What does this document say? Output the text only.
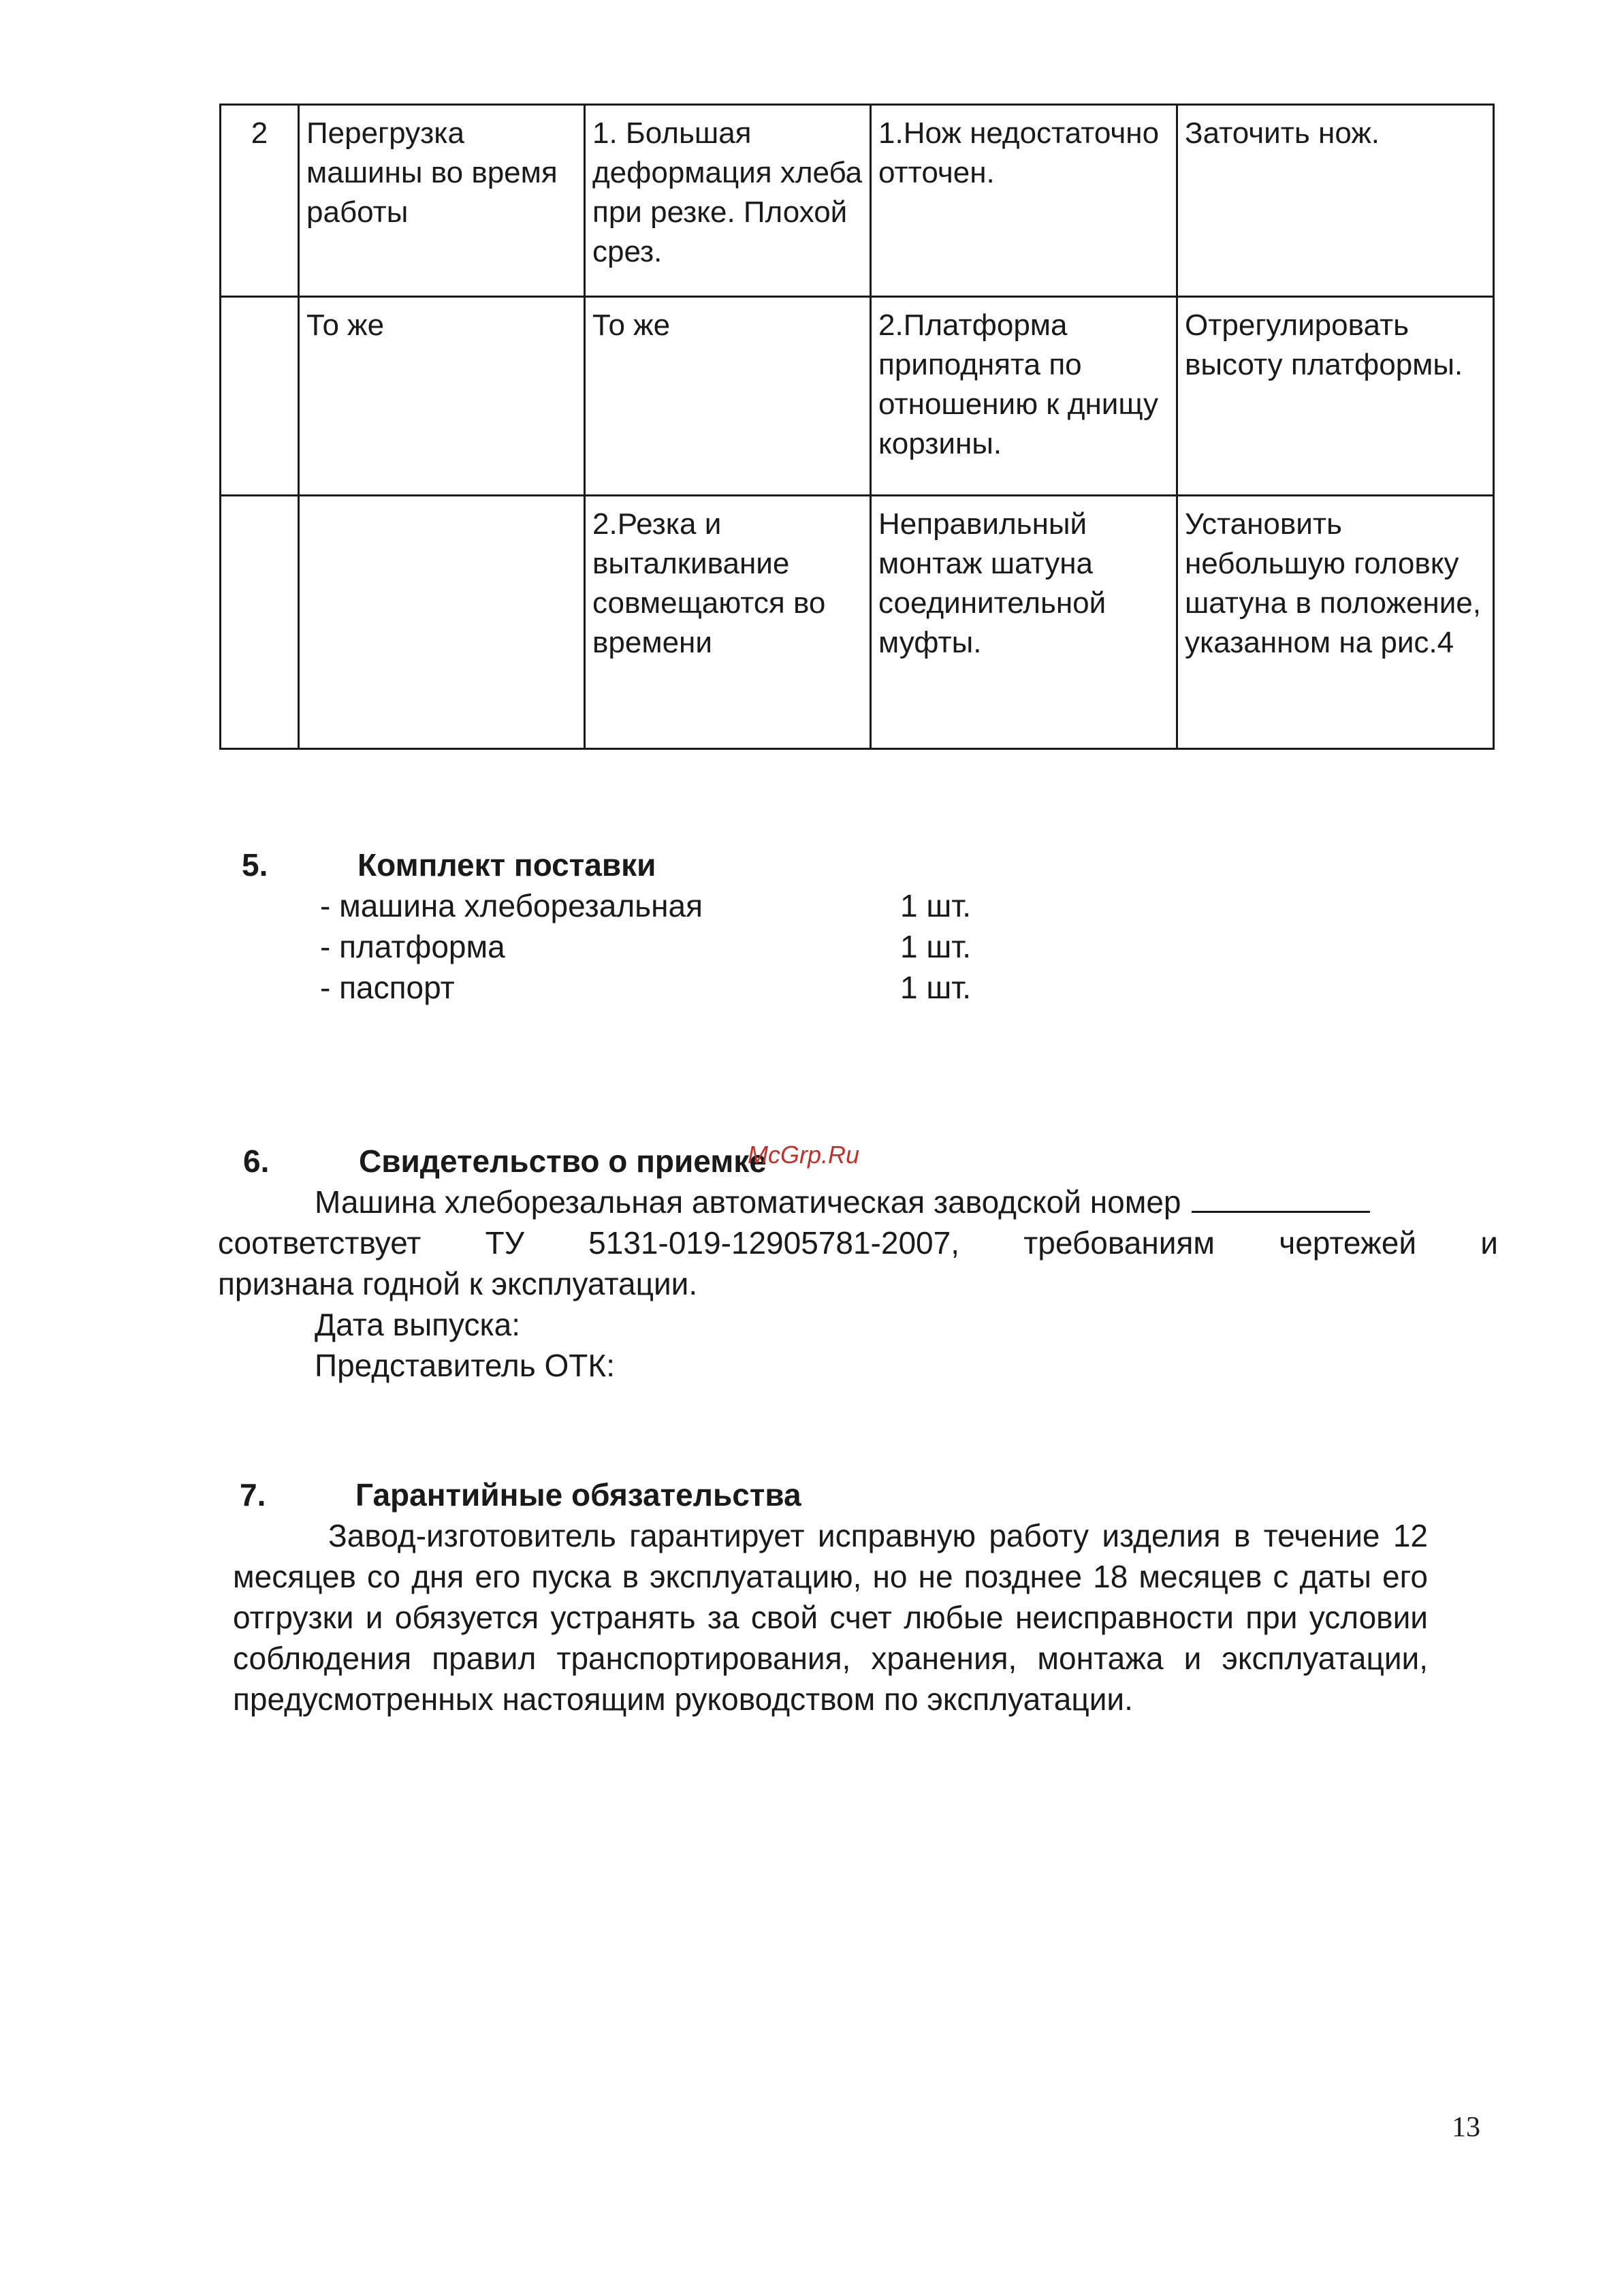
2	Перегрузка машины во время работы	1. Большая деформация хлеба при резке. Плохой срез.	1.Нож недостаточно отточен.	Заточить нож.
	То же	То же	2.Платформа приподнята по отношению к днищу корзины.	Отрегулировать высоту платформы.
		2.Резка и выталкивание совмещаются во времени	Неправильный монтаж шатуна соединительной муфты.	Установить небольшую головку шатуна в положение, указанном на рис.4
5.	Комплект поставки
- машина хлеборезальная	1 шт.
- платформа	1 шт.
- паспорт	1 шт.
6.	Свидетельство о приемке
McGrp.Ru
Машина хлеборезальная автоматическая заводской номер
соответствует ТУ 5131-019-12905781-2007, требованиям чертежей и
признана годной к эксплуатации.
Дата выпуска:
Представитель ОТК:
7.	Гарантийные обязательства

Завод-изготовитель гарантирует исправную работу изделия в течение 12 месяцев со дня его пуска в эксплуатацию, но не позднее 18 месяцев с даты его отгрузки и обязуется устранять за свой счет любые неисправности при условии соблюдения правил транспортирования, хранения, монтажа и эксплуатации, предусмотренных настоящим руководством по эксплуатации.

13
